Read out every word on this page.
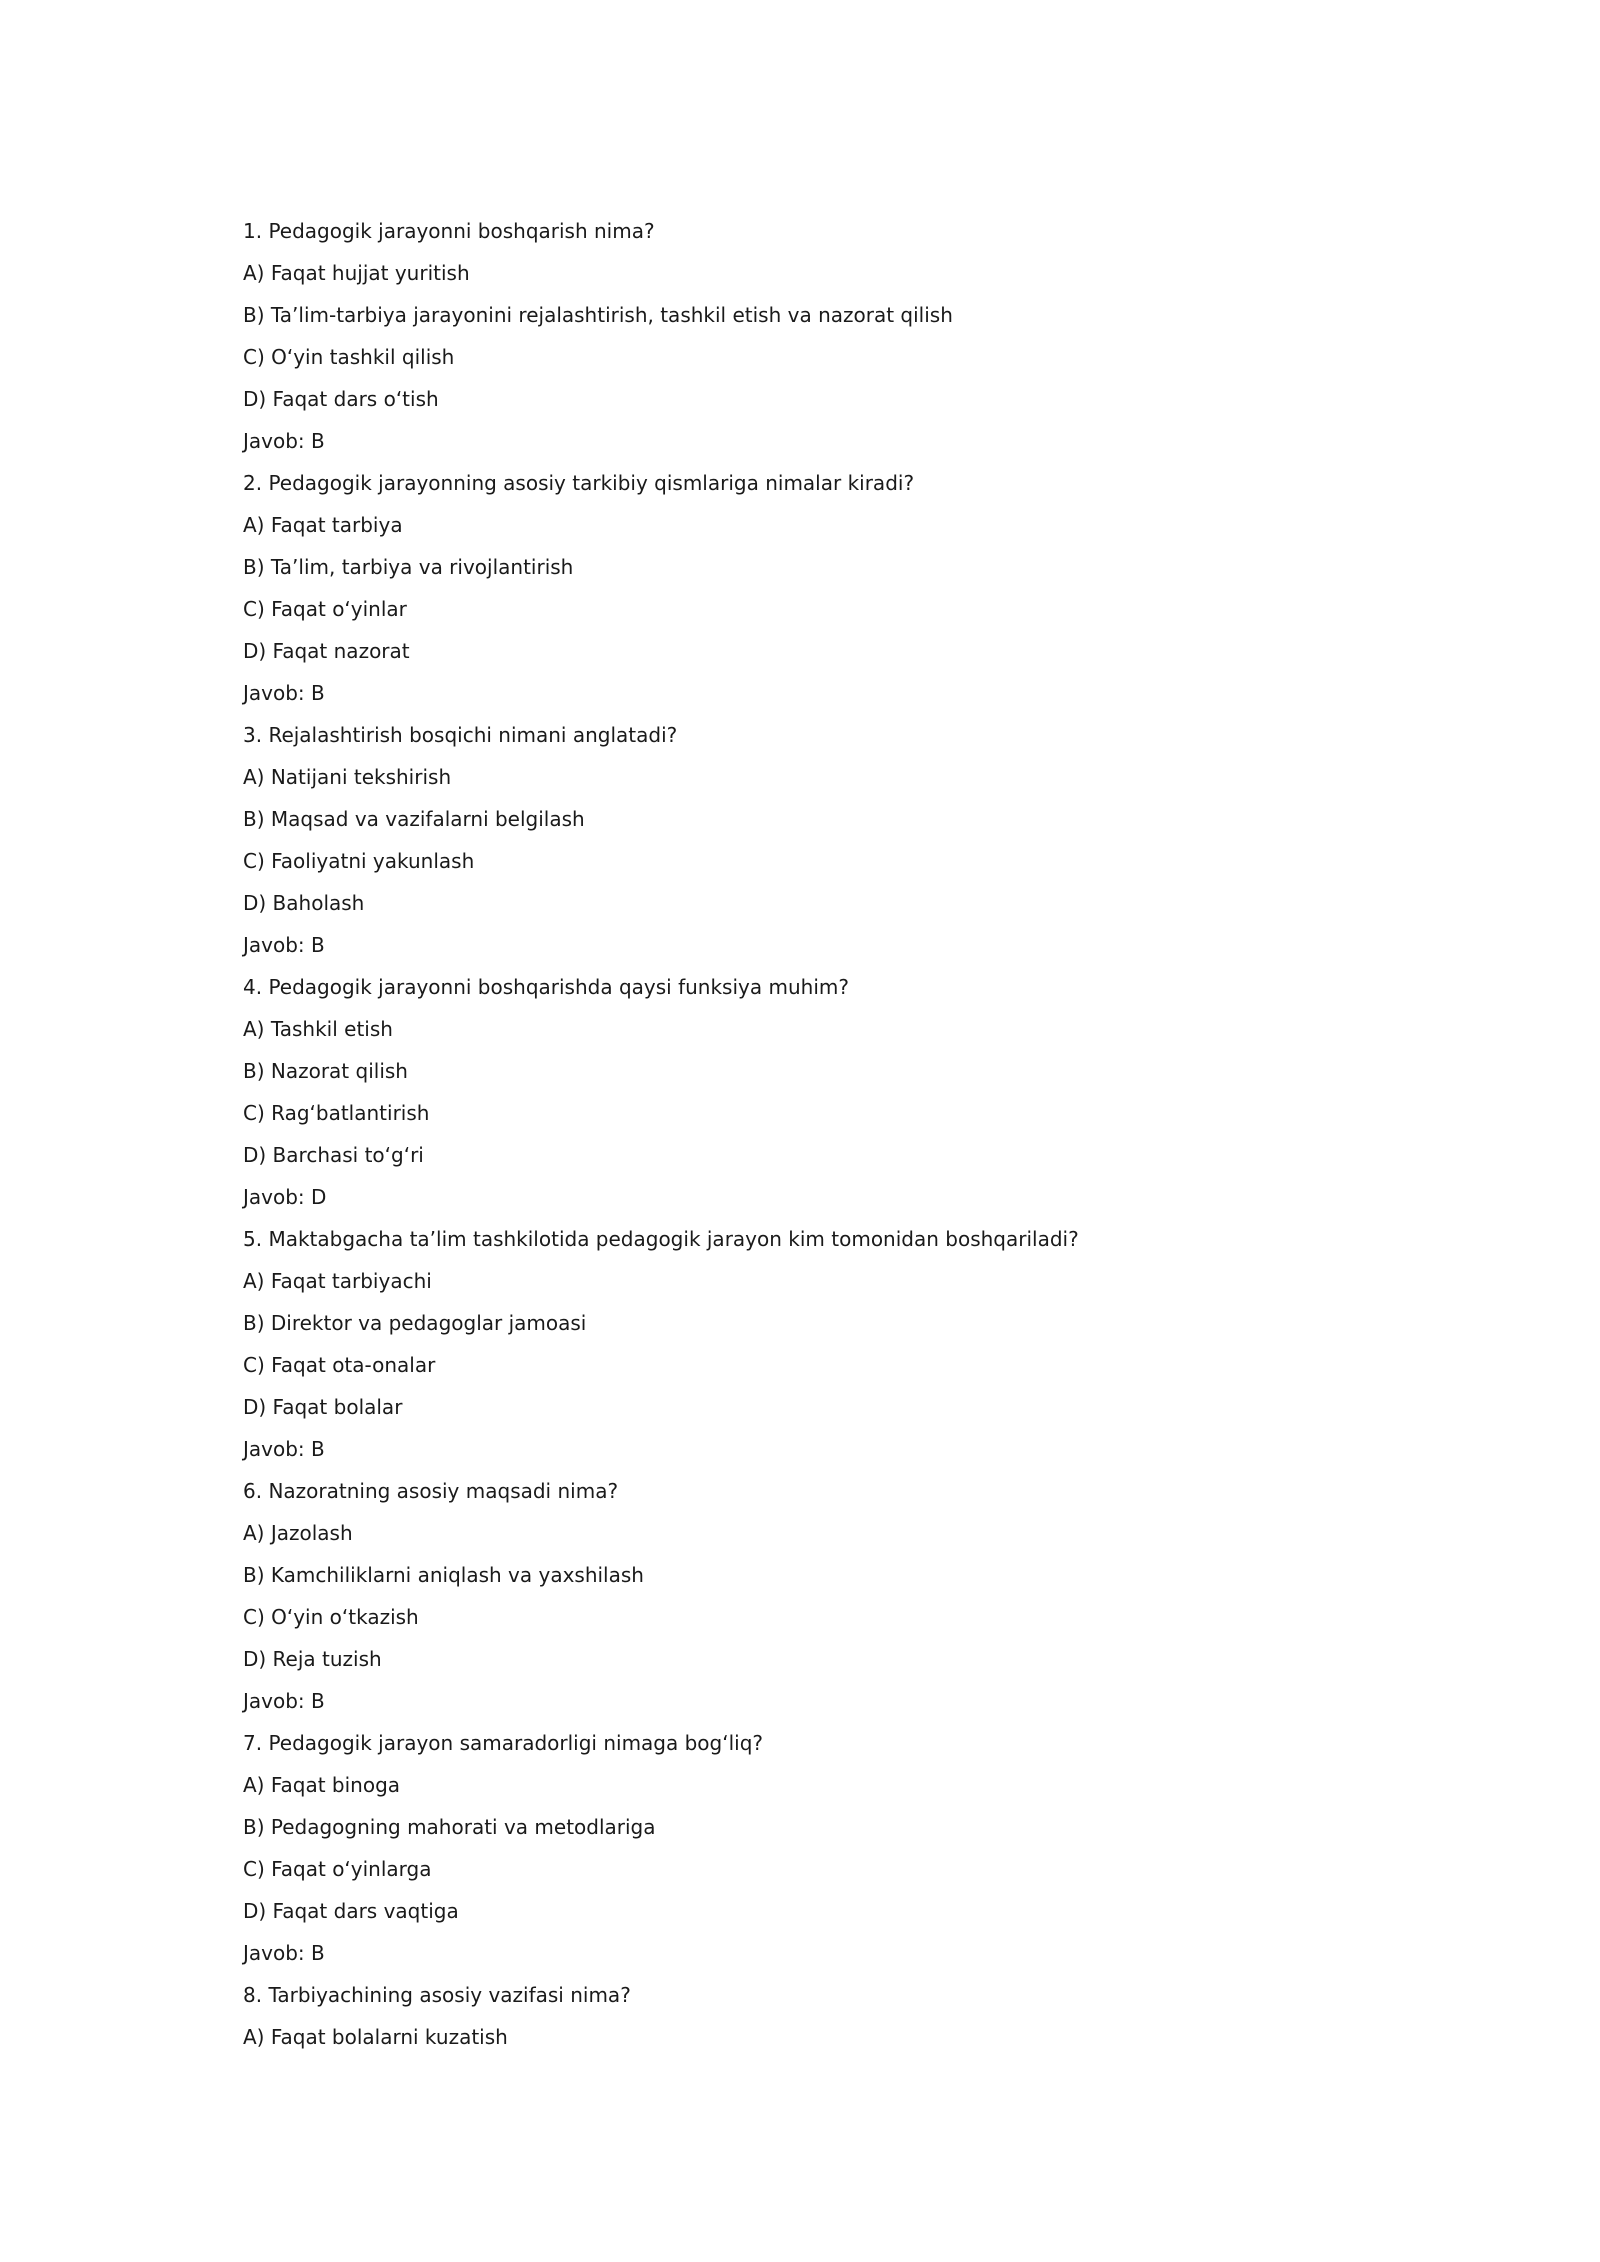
1. Pedagogik jarayonni boshqarish nima?
A) Faqat hujjat yuritish
B) Ta’lim-tarbiya jarayonini rejalashtirish, tashkil etish va nazorat qilish
C) O‘yin tashkil qilish
D) Faqat dars o‘tish
Javob: B
2. Pedagogik jarayonning asosiy tarkibiy qismlariga nimalar kiradi?
A) Faqat tarbiya
B) Ta’lim, tarbiya va rivojlantirish
C) Faqat o‘yinlar
D) Faqat nazorat
Javob: B
3. Rejalashtirish bosqichi nimani anglatadi?
A) Natijani tekshirish
B) Maqsad va vazifalarni belgilash
C) Faoliyatni yakunlash
D) Baholash
Javob: B
4. Pedagogik jarayonni boshqarishda qaysi funksiya muhim?
A) Tashkil etish
B) Nazorat qilish
C) Rag‘batlantirish
D) Barchasi to‘g‘ri
Javob: D
5. Maktabgacha ta’lim tashkilotida pedagogik jarayon kim tomonidan boshqariladi?
A) Faqat tarbiyachi
B) Direktor va pedagoglar jamoasi
C) Faqat ota-onalar
D) Faqat bolalar
Javob: B
6. Nazoratning asosiy maqsadi nima?
A) Jazolash
B) Kamchiliklarni aniqlash va yaxshilash
C) O‘yin o‘tkazish
D) Reja tuzish
Javob: B
7. Pedagogik jarayon samaradorligi nimaga bog‘liq?
A) Faqat binoga
B) Pedagogning mahorati va metodlariga
C) Faqat o‘yinlarga
D) Faqat dars vaqtiga
Javob: B
8. Tarbiyachining asosiy vazifasi nima?
A) Faqat bolalarni kuzatish
